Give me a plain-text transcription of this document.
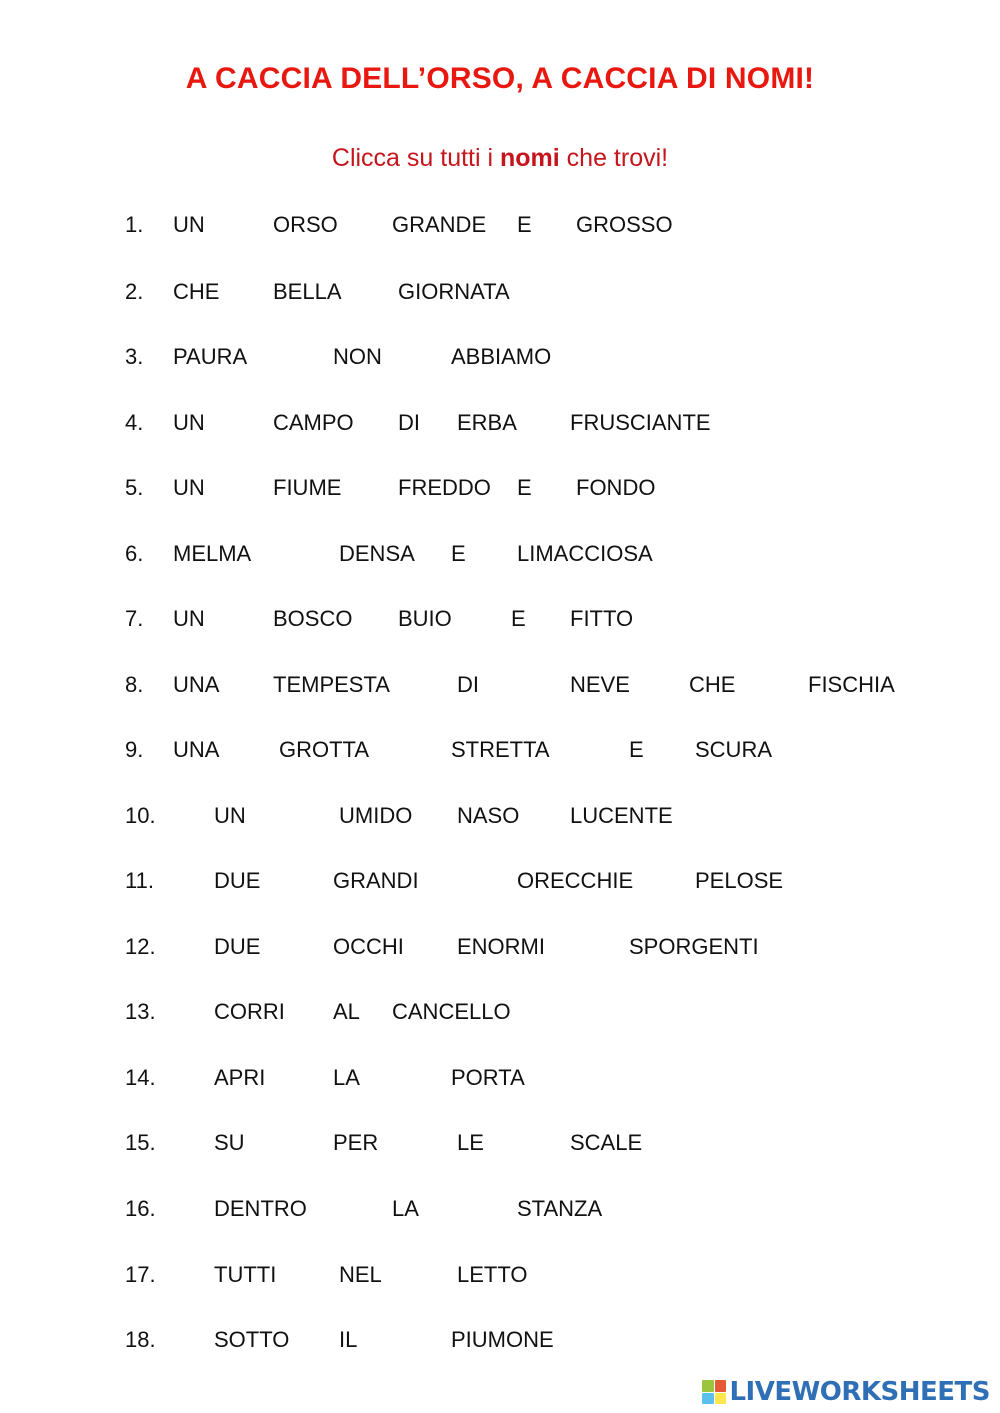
A CACCIA DELL’ORSO, A CACCIA DI NOMI!
Clicca su tutti i nomi che trovi!
1. UN	ORSO GRANDE E GROSSO
2. CHE BELLA	GIORNATA
3. PAURA	NON	ABBIAMO
4. UN	CAMPO DI ERBA FRUSCIANTE
5. UN	FIUME	FREDDO E FONDO
6. MELMA	DENSA E LIMACCIOSA
7. UN	BOSCO BUIO	E FITTO
8. UNA TEMPESTA	DI	NEVE	CHE	FISCHIA
9. UNA	GROTTA	STRETTA	E SCURA
10.	UN	UMIDO NASO LUCENTE
11.	DUE	GRANDI	ORECCHIE	PELOSE
12.	DUE	OCCHI ENORMI	SPORGENTI
13.	CORRI AL CANCELLO
14.	APRI	LA	PORTA
15.	SU	PER	LE	SCALE
16.	DENTRO	LA	STANZA
17.	TUTTI	NEL	LETTO
18.	SOTTO IL	PIUMONE
LIVEWORKSHEETS
